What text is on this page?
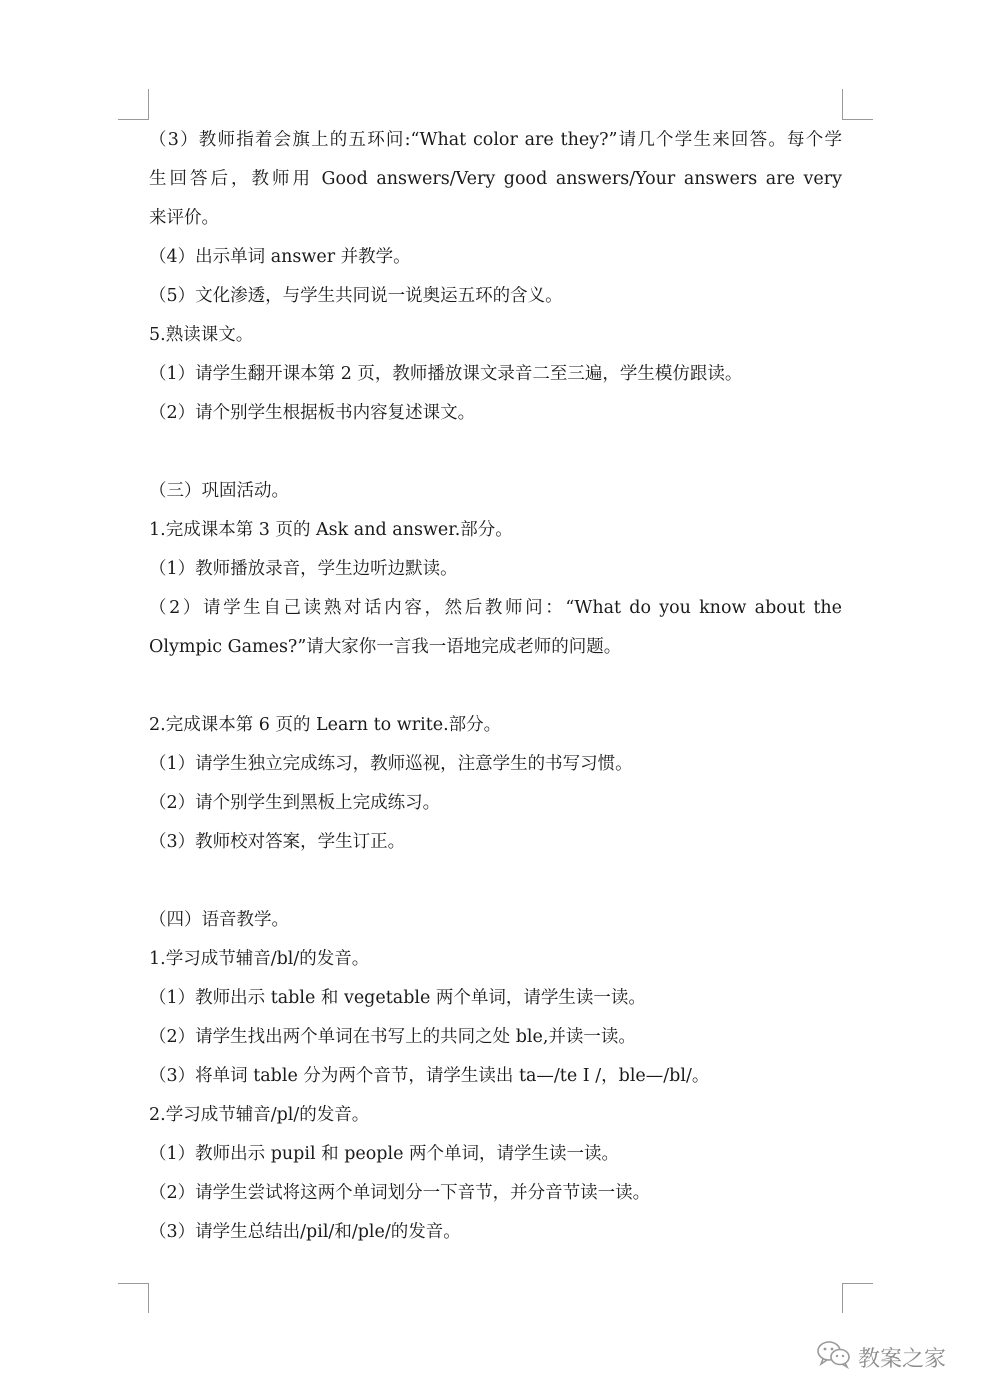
（3）教师指着会旗上的五环问:“What color are they?”请几个学生来回答。每个学
生回答后，教师用 Good answers/Very good answers/Your answers are very
来评价。
（4）出示单词 answer 并教学。
（5）文化渗透，与学生共同说一说奥运五环的含义。
5.熟读课文。
（1）请学生翻开课本第 2 页，教师播放课文录音二至三遍，学生模仿跟读。
（2）请个别学生根据板书内容复述课文。
（三）巩固活动。
1.完成课本第 3 页的 Ask and answer.部分。
（1）教师播放录音，学生边听边默读。
（2）请学生自己读熟对话内容，然后教师问：“What do you know about the
Olympic Games?”请大家你一言我一语地完成老师的问题。
2.完成课本第 6 页的 Learn to write.部分。
（1）请学生独立完成练习，教师巡视，注意学生的书写习惯。
（2）请个别学生到黑板上完成练习。
（3）教师校对答案，学生订正。
（四）语音教学。
1.学习成节辅音/bl/的发音。
（1）教师出示 table 和 vegetable 两个单词，请学生读一读。
（2）请学生找出两个单词在书写上的共同之处 ble,并读一读。
（3）将单词 table 分为两个音节，请学生读出 ta—/te Ι /，ble—/bl/。
2.学习成节辅音/pl/的发音。
（1）教师出示 pupil 和 people 两个单词，请学生读一读。
（2）请学生尝试将这两个单词划分一下音节，并分音节读一读。
（3）请学生总结出/pil/和/ple/的发音。
教案之家
